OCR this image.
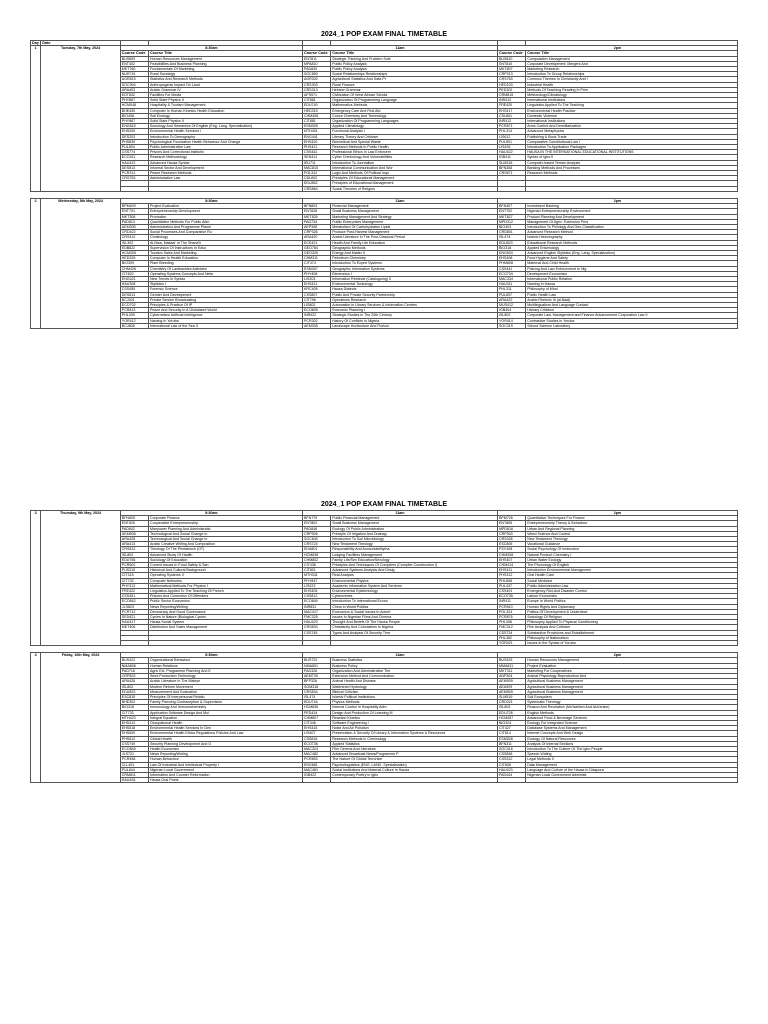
2024_1 POP EXAM FINAL TIMETABLE
Day	Date						
1	Tuesday, 7th May, 2024	8:30am		11am		2pm	
		Course Code	Course Title	Course Code	Course Title	Course Code	Course Title
		BUS809	Human Resources Management	ENT811	Strategic Thinking And Problem Sole	BUS810	Computation Management
		ENT402	Feasibilities And Business Planning	MPA810	Public Policy Analysis	ENT810	Corporate Development: Mergers And
		MKT760	Fundamentals Of Marketing	PAD830	Public Policy Analysis	MKT807	Marketing Research
		NUR741	Rural Sociology	SOC850	Social Relationships Relationships	CRP313	Introduction To Group Relationships
		AGR815	Statistics And Research Methods	AGR302	Agricultural Statistics And Data Pr	CRS763	Common Themes In Christianity And I
		SOC904	Anthropogenic Impact On Land	CRS303	Rural Finance	HED103	Industrial Health
		ARA403	Arabic Grammar IV	CRS313	Hebrew Grammar	PED302	Methods Of Teaching Reading In Prim
		EDT832	Facilities For Media	AFS571	Civilization Of West African Schola	CRM815	Meteorology/Climatology
		PHY867	Solid State Physics II	CIT881	Organization Of Programming Language	INR412	International Institutions
		HCM048	Hospitality & Tourism Management	EDU740	Mathematics Methods	FRE420	Linguistics Applied To The Teaching
		BHE430	Computer In Human Kinetics Health Education	HED315	Emergency Care And First Aid	EHS417	Environmental Health Practice
		BIO408	Soil Ecology	CHM408	Colour Chemistry And Technology	CSL801	Domestic Violence
		PHY867	Solid State Physics II	CIT881	Organization Of Programming Languages	INR412	International Institutions
		ENG815	Sociology And Semantics Of English (Eng. Lang. Specialization)	ESM305	Applied Climatology	PCR871	Arms Control And Demilitarization
		EHS200	Environmental Health Services I	MTH401	Functional Analysis I	PHL314	Advanced Metaphysics
		DES203	Introduction To Demography	ENG441	Literary Theory And Criticism	LIS612	Publishing & Book Trade
		PHS839	Psychological Foundation Health Behaviour And Change	EHS420	Biomedical And Special Waste	PUL801	Comparative Constitutional Law I
		PUL804	Public Administrative Law	PHS421	Research Methods In Public Health	LIS426	Introduction To Application Packages
		CSS774	Prisons And Correctional Institutio	CSS442	Professional Ethics In Law Enforcem	HAU422	HAUSA IN THE INTERNATIONAL EDUCATIONAL INSTITUTIONS
		ECO311	Research Methodology	SEN411	Cyber Criminology And Vulnerabilities	IGB411	Syntax of Igbo II
		HAU422	Advanced Hausa Syntax	IEU711	Introduction To Journalism	SLM318	Computer-based Terrain Analysis
		DES813	Informal Sector And Development	MAC815	International Communication And Wor	BFN308	Banking Methods And Processes
		PCR312	Peace Research Methods	POL312	Logic And Methods Of Political Inqu	CRS671	Research Methods
		CRS753	Administrative Law	CDL602	Principles Of Educational Management		
				EDU852	Principles of Educational Management		
				CRS864	Social Theories of Religion		

2	Wednesday, 8th May, 2024	8:30am		11am		2pm	
		BPM409	Project Evaluation	BFN803	Financial Management	BFN407	Investment Banking
		ENT701	Entrepreneurship Development	ENT828	Small Business Management	ENT702	Nigerian Entrepreneurship Environment
		MKT308	Promotion	MKT826	Marketing Management And Strategy	MKT827	Product Planning And Development
		PAD813	Quantitative Methods For Public Adm	PAD734	Public Enterprises Management	MPD312	Management Of Agric. Extension Pers
		AEM305	Administration And Programme Planni	AEP308	Metabolism Of Carbohydrates Lipids	BIO403	Introduction To Philology And Geo-Classification
		CRD422	Social Processes And Comparative Ru	CRP326	Produce Post-Harvest Management	CRD801	Advanced Research Method
		CRS412	Christology	ARA420	Arabic Literature In The Post-Classical Period	ISL474	Islamic Historiography
		ISL302	Al-Nisa, Makaal' In The Sharia'h	ECE421	Health And Family Life Education	EDU823	Educational Research Methods
		EDB822	Supervision Of Instructions In Educ	GEO764	Geographic Methods	BIO318	Applied Entomology
		HCM305	Tourism Sales And Marketing	GEO320	Energy And Matter II	ENG834	Advanced English Stylistics (Eng. Lang. Specialization)
		HED326	Computer In Health Education	CHM311	Petroleum Chemistry	EHS408	Food Hygiene And Safety
		BIO309	Plant Breeding	CIT474	Introduction To Expert Systems	PHM808	Maternal And Child Health
		CHM426	Chemistry Of Lanthanides Actinides	ESM307	Geographic Information Systems	CSS441	Policing And Law Enforcement In Nig
		CIT822	Operating Systems Concepts And Netw	PHY408	Electronics I	ECO734	Development Economics
		ENG421	New Trends In Syntax	LIS203	Information Retrieval (Cataloguing) II	MAC334	International Public Relation
		HAU308	Stylistics I	EHS411	Environmental Toxicology	HAU311	Naming In Hausa
		CSS455	Forensic Science	KRC405	Hausa Dialects	PHL311	Philosophy of Mind
		DES813	Gender And Development	CSS807	Public And Private Security Partnership	PUL837	Public Health Law
		BCJ401	Private Service Broadcasting	CIT796	Operations Research	ARA422	Arabic Rhetoric III (al-Badi)
		ECO702	Principles & Practice Of IP	LIS802	Automation in Library Services & Information Centres	MUS412	Multilingualism And Language Contact
		PCR813	Peace And Security In A Globalized World	ECO805	Economic Planning I	IGB404	Literary Criticism
		PHL309	Cybernetics/ Artificial Intelligence	INR422	Strategic Studies in The 20th Century	ISL802	Corporate Law, Management and Finance Advancement Corporation Law II
		YOR412	Naming In Yoruba	PCR302	History Of Conflicts In Nigeria	YOR414	Contrastive Studies in Yoruba
		BCJ808	International Law of the Sea II	AEM305	Landscape Horticulture And Floricul	SOC319	School Science Laboratory
2024_1 POP EXAM FINAL TIMETABLE
3	Thursday, 9th May, 2024	8:30am		11am		2pm	
		BFN805	Corporate Finance	BFN779	Public Financial Management	BPM726	Quantitative Techniques For Financi
		ENT826	Cooperative Entrepreneurship	ENT803	Small Business Management	ENT805	Entrepreneurship Theory & Behaviour
		PAD842	Manpower Planning And Administratio	PAD846	Ecology Of Public Administration	MPD816	Urban And Regional Planning
		AEM508	Technological And Social Change In	CRP306	Principle Of Irrigation And Drainag	CRP303	Weed Science And Control
		ARA428	Technological And Social Change In	SOC840	Introduction To Soil Microbiology	CRS326	New Testament Theology
		ARA413	Arabic Creative Writing And Composition	CRS724	New Testament Theology	ESC805	Vocational Guidance
		CRS812	Theology Of The Pentateuch (OT)	EDA801	Responsibility And AccountabilityIna	PSY408	Social Psychology Of Instruction
		ISL802	Advanced Study Of Hadith	HCM838	Lodging Facilities Management	CHM308	Natural Product Chemistry I
		EDU756	Sociology Of Education	CHM802	Family Life/Sex Education/Sexology	EHS407	Urban Water Ecology
		PCR502	Current Issues In Food Safety & San	CIT436	Principles And Techniques Of Compilers (Compiler Construction I)	CHM414	The Phonology Of English
		PUS315	Historical And Cultural Background	CIT801	Advanced Systems Analysis And Desig	EHS411	Introduction Environmental Managemen
		CIT315	Operating Systems II	MTH341	Real Analysis	PHS312	Oral Health Care
		CIT732	Computer Networks	PHY847	Environmental Physics	PHL808	Social Medicine
		PHY313	Mathematical Methods For Physics I	LIS223	Academic Information System And Services	PUL437	Public Administration Law
		FRE422	Linguistics Applied To The Teaching Of French	EHS405	Environmental Epidemiology	CSS491	Emergency Riot And Disaster Control
		CSS451	Prisons And Correction Of Offenders	CSS812	Cybercrimes	ECO735	Labour Economics
		ECO842	Public Sector Economics	ECO840	Introduction To International Econo	INR411	Europe In World Politics
		JLS823	News Reporting/Writing	INR831	China In World Politics	PCR810	Human Rights And Diplomacy
		PCR712	Democracy And Good Governance	MAC417	Economics & Social Issues In Advert	POL324	Politics Of Development & Underdeve
		SED421	Cycles In Nature (Biological Cycles	FMC325	Issues In Nigerian Films And Cinema	PCR876	Sociology Of Religion
		HAU417	Hausa Social System	HAU423	Thought And Beliefs Of The Hausa People	PHL306	Philosophy Applied To Physical Conditioning
		MKT406	Distribution And Sales Management	CRS833	Christianity And Colonialism In Nigeria	FMC312	Film Analysis And Criticism
				CSS745	Types And Analysis Of Security Thre	CSS734	Substantive Provisions and Establishment
						PHL362	Philosophy of Nationalism
						YOR421	Issues in the Syntax of Yoruba

4	Friday, 10th May, 2024	8:30am		11am		2pm	
		BUS422	Organizational Behaviour	BUS722	Business Statistics	BUS425	Human Resources Management
		NMA806	Human Relations	NMA801	Business Policy	MMA811	Project Evaluation
		PAD716	Agric Ext. Programme Planning And E	PAD326	Organization And Administrative The	MKT311	Marketing For Cooperatives
		CRP503	Seed Production Technology	AEM739	Extension Method And Communication	ANP304	Animal Physiology Reproduction And
		ARA426	Arabic Literature In The Maleye	BFP326	Animal Health And Disease	AEM509	Agricultural Business Management
		ISL802	Modern Reform Movement	SOM318	Watershed Hydrology	AEA509	Agricultural Business Management
		EDU823	Measurement And Evaluation	CRS834	Biblical Criticism	AEM509	Agricultural Business Management
		ESC815	Principles Of Interpersonal Relatio	ISL474	Islamic Political Institutions	SLM519	Soil Ecosystem
		BHE302	Family Planning Contraception & Supervision	EDU744	Physics Methods	CRD321	Systematic Theology
		BIO318	Immunology And Immunochemistry	HCM836	Internal Control In Hospitality Adm	ISL802	Reason And Revelation (Mu'tazilism And Ash'arism)
		CIT733	Application Software Design And Mul	PED434	Design And Production Of Learning M	EDU728	English Methods
		MTH423	Integral Equation	CHM807	Reaction Kinetics	HCM457	Advanced Food & Beverage Services
		EHS412	Occupational Health	CIT446	Software Engineering I	BIO324	Ecology For Integrated Science
		EHS518	Environmental Health Services In Gen	EHS415	Noise And Air Pollution	CIT427	Database Systems And Management
		EHS609	Environmental Health Ethics Regulations Policies And Law	LIS407	Preservation & Security Of Library & Information Systems & Resources	CIT814	Internet Concepts And Web Design
		PHS812	Global Health	CSS816	Research Methods In Criminology	ESM528	Ecology Of Natural Resources
		CSS749	Security Planning Development And O	ECO736	Applied Statistics	BFN311	Analysis Of Internal Sections
		ECO849	Health Economics	MAC324	Film Cinema And Literature	SOC316	Introduction To The Culture Of The Igbo People
		JLS721	News Reporting/Writing	MAC482	Advanced Broadcast News/Programme P	CSS836	Speech Writing
		PCR458	Human Behaviour	PCR853	The Nature Of Global Terrorism	CSS312	Legal Methods II
		CLL451	Law Of Industrial And Intellectual Property I	ENG881	Psycholinguistics (ENG. LANG. Specialisation)	CIT838	Data Management
		PUL844	Nigerian Local Government	MAC481	Social Institutions And Material Culture In Hausa	HAU423	Language And Culture of the Hausa In Diaspora
		CRM811	Information And Counter Reformation	IGB422	Contemporary Poetry in Igbo	PAD444	Nigerian Local Government Administr
		HAU426	Hausa Oral Poets				
